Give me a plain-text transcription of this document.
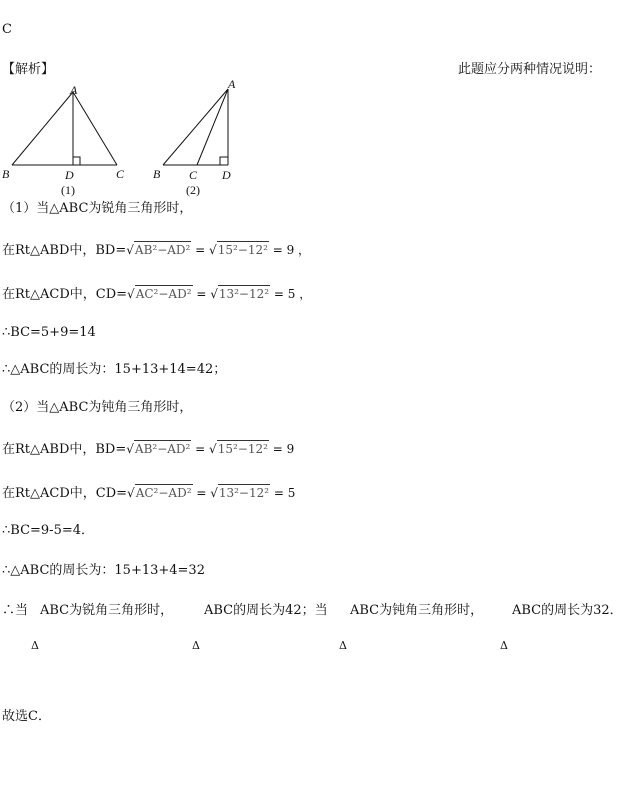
C
【解析】	此题应分两种情况说明：
A
B	D	C
(1)
A
B C D
(2)
（1）当△ABC为锐角三角形时，
在Rt△ABD中，BD=√AB²−AD² = √15²−12² = 9 ，
在Rt△ACD中，CD=√AC²−AD² = √13²−12² = 5 ，
∴BC=5+9=14
∴△ABC的周长为：15+13+14=42；
（2）当△ABC为钝角三角形时，
在Rt△ABD中，BD=√AB²−AD² = √15²−12² = 9
在Rt△ACD中，CD=√AC²−AD² = √13²−12² = 5
∴BC=9-5=4．
∴△ABC的周长为：15+13+4=32
∴当 ABC为锐角三角形时， ABC的周长为42；当 ABC为钝角三角形时， ABC的周长为32．
Δ	Δ	Δ	Δ
故选C．
